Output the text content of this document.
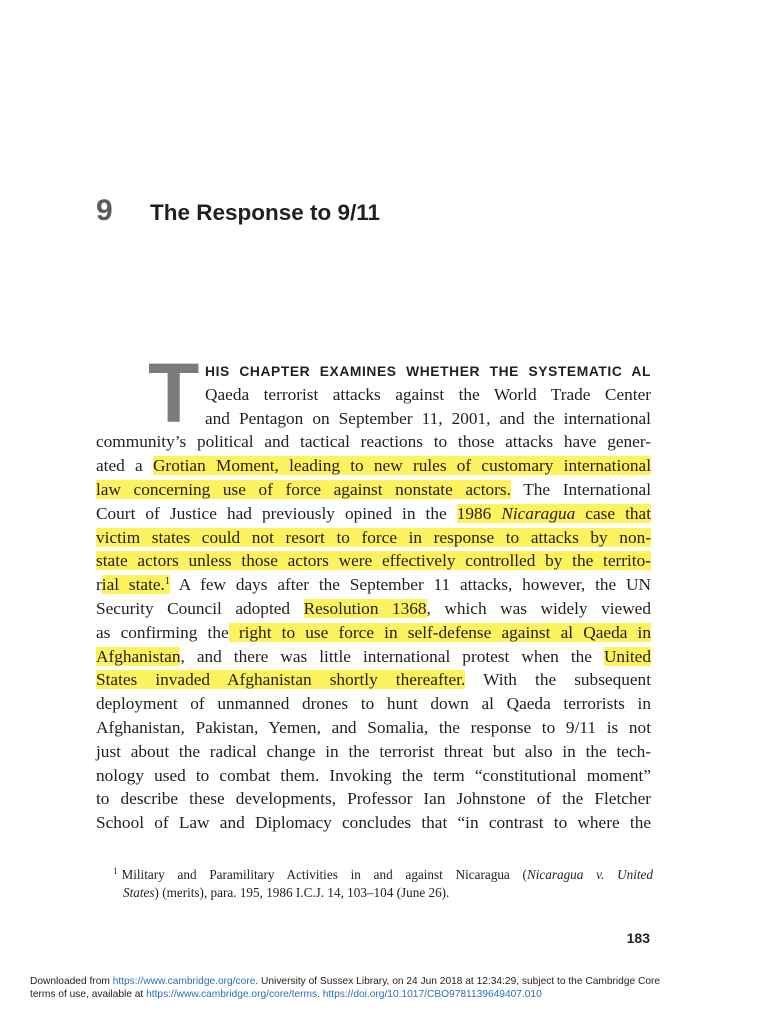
9 The Response to 9/11
T HIS CHAPTER EXAMINES WHETHER THE SYSTEMATIC AL
Qaeda terrorist attacks against the World Trade Center
and Pentagon on September 11, 2001, and the international
community’s political and tactical reactions to those attacks have gener-
ated a Grotian Moment, leading to new rules of customary international
law concerning use of force against nonstate actors. The International
Court of Justice had previously opined in the 1986 Nicaragua case that
victim states could not resort to force in response to attacks by non-
state actors unless those actors were effectively controlled by the territo-
rial state.$^1$ A few days after the September 11 attacks, however, the UN
Security Council adopted Resolution 1368, which was widely viewed
as confirming the right to use force in self-defense against al Qaeda in
Afghanistan, and there was little international protest when the United
States invaded Afghanistan shortly thereafter. With the subsequent
deployment of unmanned drones to hunt down al Qaeda terrorists in
Afghanistan, Pakistan, Yemen, and Somalia, the response to 9/11 is not
just about the radical change in the terrorist threat but also in the tech-
nology used to combat them. Invoking the term “constitutional moment”
to describe these developments, Professor Ian Johnstone of the Fletcher
School of Law and Diplomacy concludes that “in contrast to where the
$^1$ Military and Paramilitary Activities in and against Nicaragua (Nicaragua v. United
States) (merits), para. 195, 1986 I.C.J. 14, 103–104 (June 26).
183
Downloaded from https://www.cambridge.org/core. University of Sussex Library, on 24 Jun 2018 at 12:34:29, subject to the Cambridge Core
terms of use, available at https://www.cambridge.org/core/terms. https://doi.org/10.1017/CBO9781139649407.010
